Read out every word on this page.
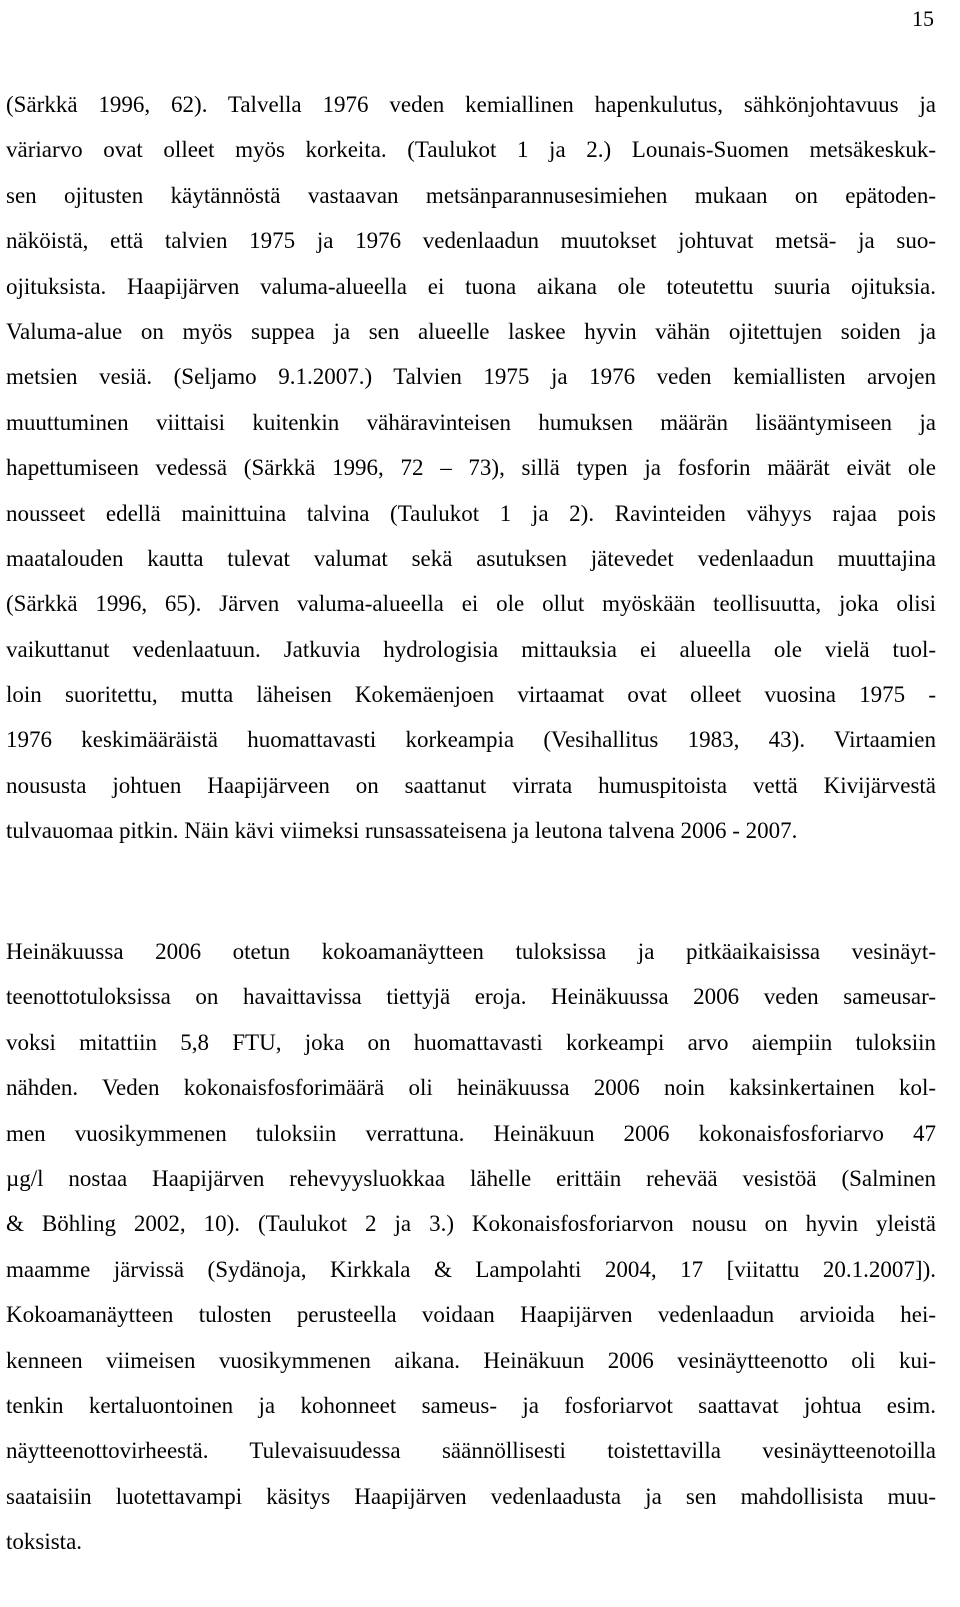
15
(Särkkä 1996, 62). Talvella 1976 veden kemiallinen hapenkulutus, sähkönjohtavuus ja
väriarvo ovat olleet myös korkeita. (Taulukot 1 ja 2.) Lounais-Suomen metsäkeskuk-
sen ojitusten käytännöstä vastaavan metsänparannusesimiehen mukaan on epätoden-
näköistä, että talvien 1975 ja 1976 vedenlaadun muutokset johtuvat metsä- ja suo-
ojituksista. Haapijärven valuma-alueella ei tuona aikana ole toteutettu suuria ojituksia.
Valuma-alue on myös suppea ja sen alueelle laskee hyvin vähän ojitettujen soiden ja
metsien vesiä. (Seljamo 9.1.2007.) Talvien 1975 ja 1976 veden kemiallisten arvojen
muuttuminen viittaisi kuitenkin vähäravinteisen humuksen määrän lisääntymiseen ja
hapettumiseen vedessä (Särkkä 1996, 72 – 73), sillä typen ja fosforin määrät eivät ole
nousseet edellä mainittuina talvina (Taulukot 1 ja 2). Ravinteiden vähyys rajaa pois
maatalouden kautta tulevat valumat sekä asutuksen jätevedet vedenlaadun muuttajina
(Särkkä 1996, 65). Järven valuma-alueella ei ole ollut myöskään teollisuutta, joka olisi
vaikuttanut vedenlaatuun. Jatkuvia hydrologisia mittauksia ei alueella ole vielä tuol-
loin suoritettu, mutta läheisen Kokemäenjoen virtaamat ovat olleet vuosina 1975 -
1976 keskimääräistä huomattavasti korkeampia (Vesihallitus 1983, 43). Virtaamien
noususta johtuen Haapijärveen on saattanut virrata humuspitoista vettä Kivijärvestä
tulvauomaa pitkin. Näin kävi viimeksi runsassateisena ja leutona talvena 2006 - 2007.
Heinäkuussa 2006 otetun kokoamanäytteen tuloksissa ja pitkäaikaisissa vesinäyt-
teenottotuloksissa on havaittavissa tiettyjä eroja. Heinäkuussa 2006 veden sameusar-
voksi mitattiin 5,8 FTU, joka on huomattavasti korkeampi arvo aiempiin tuloksiin
nähden. Veden kokonaisfosforimäärä oli heinäkuussa 2006 noin kaksinkertainen kol-
men vuosikymmenen tuloksiin verrattuna. Heinäkuun 2006 kokonaisfosforiarvo 47
µg/l nostaa Haapijärven rehevyysluokkaa lähelle erittäin rehevää vesistöä (Salminen
& Böhling 2002, 10). (Taulukot 2 ja 3.) Kokonaisfosforiarvon nousu on hyvin yleistä
maamme järvissä (Sydänoja, Kirkkala & Lampolahti 2004, 17 [viitattu 20.1.2007]).
Kokoamanäytteen tulosten perusteella voidaan Haapijärven vedenlaadun arvioida hei-
kenneen viimeisen vuosikymmenen aikana. Heinäkuun 2006 vesinäytteenotto oli kui-
tenkin kertaluontoinen ja kohonneet sameus- ja fosforiarvot saattavat johtua esim.
näytteenottovirheestä. Tulevaisuudessa säännöllisesti toistettavilla vesinäytteenotoilla
saataisiin luotettavampi käsitys Haapijärven vedenlaadusta ja sen mahdollisista muu-
toksista.
